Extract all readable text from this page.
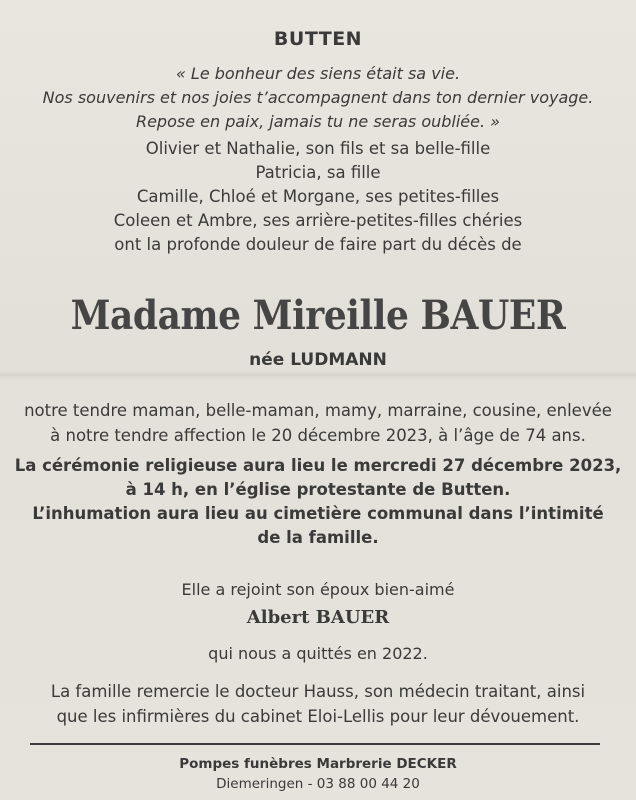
BUTTEN
« Le bonheur des siens était sa vie.
Nos souvenirs et nos joies t’accompagnent dans ton dernier voyage.
Repose en paix, jamais tu ne seras oubliée. »
Olivier et Nathalie, son fils et sa belle-fille
Patricia, sa fille
Camille, Chloé et Morgane, ses petites-filles
Coleen et Ambre, ses arrière-petites-filles chéries
ont la profonde douleur de faire part du décès de
Madame Mireille BAUER
née LUDMANN
notre tendre maman, belle-maman, mamy, marraine, cousine, enlevée
à notre tendre affection le 20 décembre 2023, à l’âge de 74 ans.
La cérémonie religieuse aura lieu le mercredi 27 décembre 2023,
à 14 h, en l’église protestante de Butten.
L’inhumation aura lieu au cimetière communal dans l’intimité
de la famille.
Elle a rejoint son époux bien-aimé
Albert BAUER
qui nous a quittés en 2022.
La famille remercie le docteur Hauss, son médecin traitant, ainsi
que les infirmières du cabinet Eloi-Lellis pour leur dévouement.
Pompes funèbres Marbrerie DECKER
Diemeringen - 03 88 00 44 20
